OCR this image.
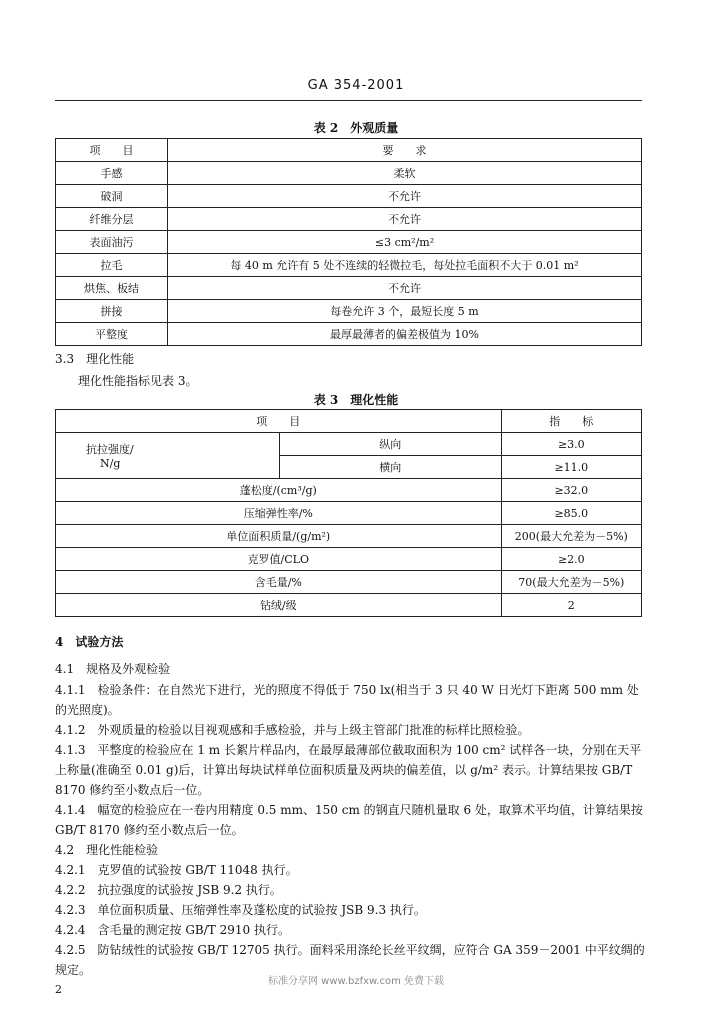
GA 354-2001
表 2　外观质量
项　　目	要　　求
手感	柔软
破洞	不允许
纤维分层	不允许
表面油污	≤3 cm²/m²
拉毛	每 40 m 允许有 5 处不连续的轻微拉毛，每处拉毛面积不大于 0.01 m²
烘焦、板结	不允许
拼接	每卷允许 3 个，最短长度 5 m
平整度	最厚最薄者的偏差极值为 10%
3.3　理化性能
理化性能指标见表 3。
表 3　理化性能
项　　目		指　　标

抗拉强度/
N/g	纵向	≥3.0
	横向	≥11.0
蓬松度/(cm³/g)		≥32.0
压缩弹性率/%		≥85.0
单位面积质量/(g/m²)		200(最大允差为－5%)
克罗值/CLO		≥2.0
含毛量/%		70(最大允差为－5%)
钻绒/级		2
4　 试验方法
4.1　 规格及外观检验
4.1.1　检验条件：在自然光下进行，光的照度不得低于 750 lx(相当于 3 只 40 W 日光灯下距离 500 mm 处的光照度)。
4.1.2　外观质量的检验以目视观感和手感检验，并与上级主管部门批准的标样比照检验。
4.1.3　平整度的检验应在 1 m 长絮片样品内，在最厚最薄部位截取面积为 100 cm² 试样各一块，分别在天平上称量(准确至 0.01 g)后，计算出每块试样单位面积质量及两块的偏差值，以 g/m² 表示。计算结果按 GB/T 8170 修约至小数点后一位。
4.1.4　幅宽的检验应在一卷内用精度 0.5 mm、150 cm 的钢直尺随机量取 6 处，取算术平均值，计算结果按 GB/T 8170 修约至小数点后一位。
4.2　理化性能检验
4.2.1　克罗值的试验按 GB/T 11048 执行。
4.2.2　抗拉强度的试验按 JSB 9.2 执行。
4.2.3　单位面积质量、压缩弹性率及蓬松度的试验按 JSB 9.3 执行。
4.2.4　含毛量的测定按 GB/T 2910 执行。
4.2.5　防钻绒性的试验按 GB/T 12705 执行。面料采用涤纶长丝平纹绸，应符合 GA 359－2001 中平纹绸的规定。
2
标准分享网 www.bzfxw.com 免费下载
